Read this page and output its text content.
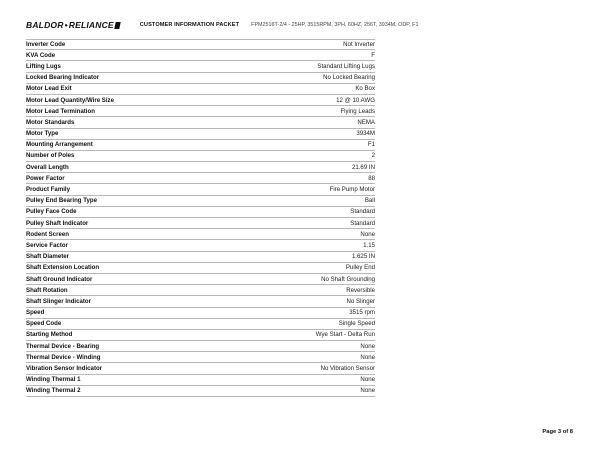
BALDOR • RELIANCE	CUSTOMER INFORMATION PACKET FPM2516T-2/4 - 25HP, 3515RPM, 3PH, 60HZ, 256T, 3934M, ODP, F1
Inverter Code	Not Inverter
KVA Code	F
Lifting Lugs	Standard Lifting Lugs
Locked Bearing Indicator	No Locked Bearing
Motor Lead Exit	Ko Box
Motor Lead Quantity/Wire Size	12 @ 10 AWG
Motor Lead Termination	Flying Leads
Motor Standards	NEMA
Motor Type	3934M
Mounting Arrangement	F1
Number of Poles	2
Overall Length	21.69 IN
Power Factor	88
Product Family	Fire Pump Motor
Pulley End Bearing Type	Ball
Pulley Face Code	Standard
Pulley Shaft Indicator	Standard
Rodent Screen	None
Service Factor	1.15
Shaft Diameter	1.625 IN
Shaft Extension Location	Pulley End
Shaft Ground Indicator	No Shaft Grounding
Shaft Rotation	Reversible
Shaft Slinger Indicator	No Slinger
Speed	3515 rpm
Speed Code	Single Speed
Starting Method	Wye Start - Delta Run
Thermal Device - Bearing	None
Thermal Device - Winding	None
Vibration Sensor Indicator	No Vibration Sensor
Winding Thermal 1	None
Winding Thermal 2	None
Page 3 of 8
